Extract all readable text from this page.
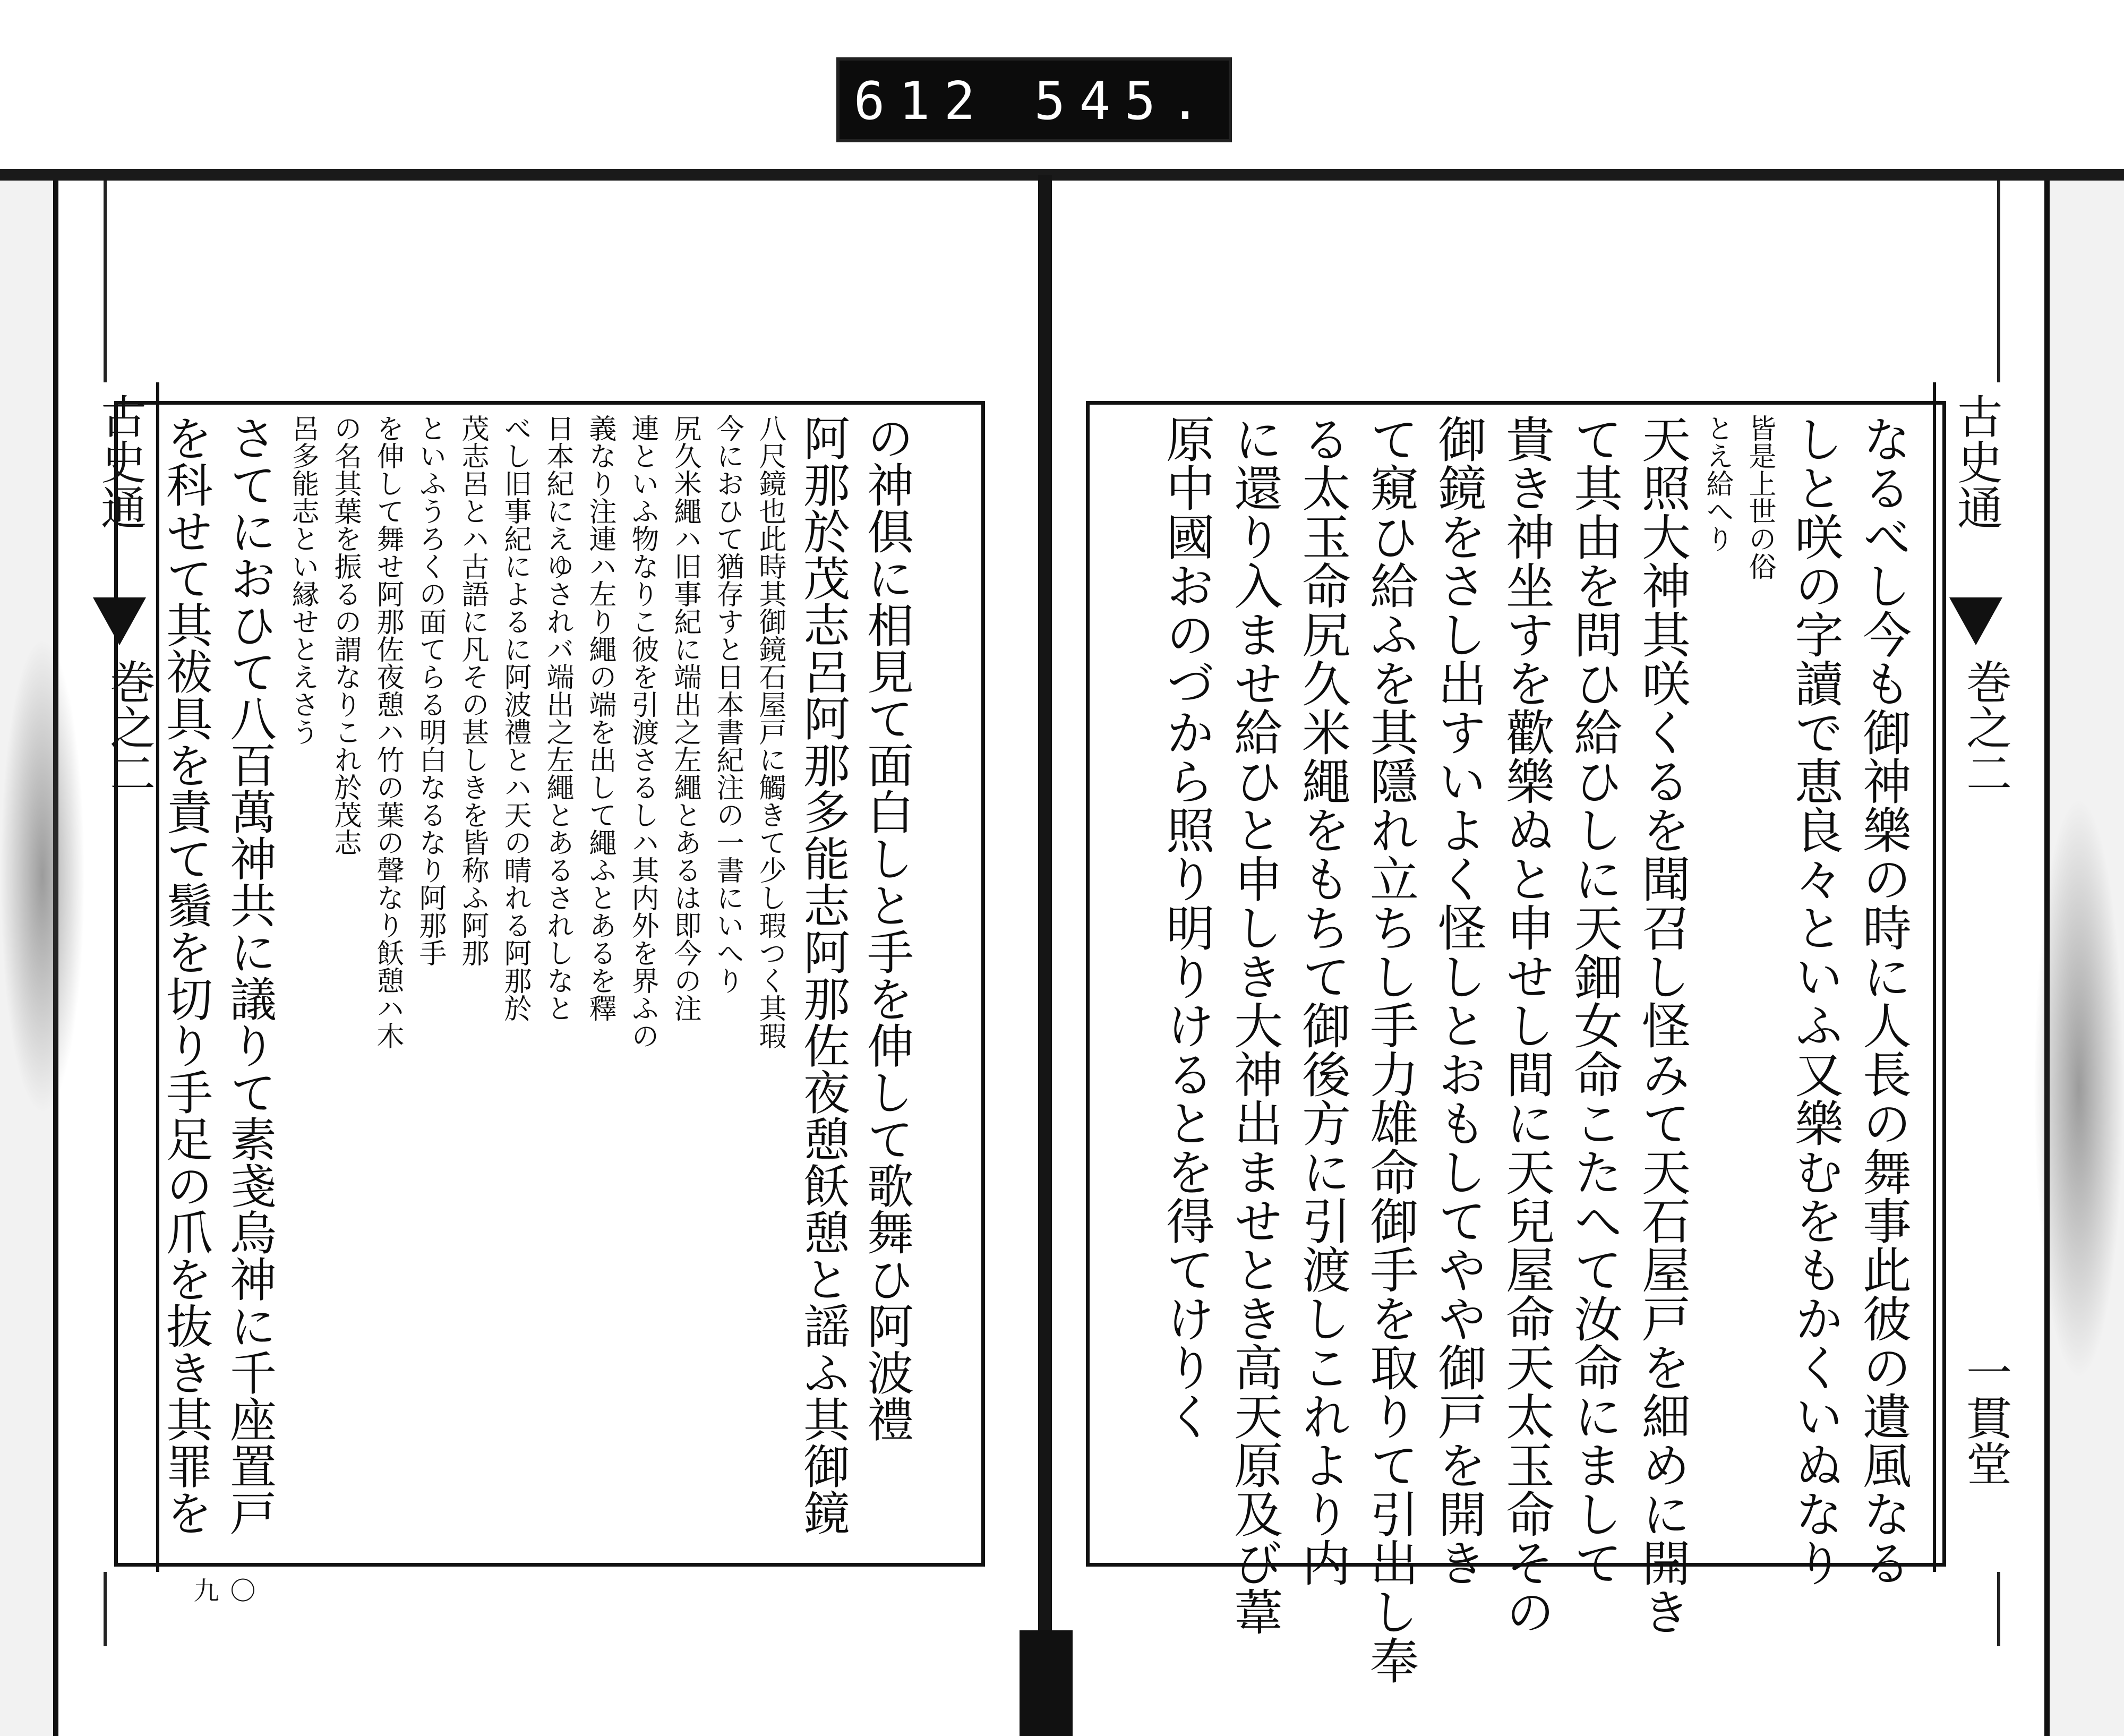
612 545.
古史通
巻之二
〇九
古史通
巻之二
一貫堂
なるべし今も御神樂の時に人長の舞事此彼の遺風なる
しと咲の字讀で恵良々といふ又樂むをもかくいぬなり
皆是上世の俗
とえ給へり
天照大神其咲くるを聞召し怪みて天石屋戸を細めに開き
て其由を問ひ給ひしに天鈿女命こたへて汝命にまして
貴き神坐すを歡樂ぬと申せし間に天兒屋命天太玉命その
御鏡をさし出すいよく怪しとおもしてやや御戸を開き
て窺ひ給ふを其隱れ立ちし手力雄命御手を取りて引出し奉
る太玉命尻久米繩をもちて御後方に引渡しこれより内
に還り入ませ給ひと申しき大神出ませとき高天原及び葦
原中國おのづから照り明りけるとを得てけりく
の神俱に相見て面白しと手を伸して歌舞ひ阿波禮
阿那於茂志呂阿那多能志阿那佐夜憩飫憩と謡ふ其御鏡
八尺鏡也此時其御鏡石屋戸に觸きて少し瑕つく其瑕
今におひて猶存すと日本書紀注の一書にいへり
尻久米繩ハ旧事紀に端出之左繩とあるは即今の注
連といふ物なりこ彼を引渡さるしハ其内外を界ふの
義なり注連ハ左り繩の端を出して繩ふとあるを釋
日本紀にえゆされバ端出之左繩とあるされしなと
べし旧事紀によるに阿波禮とハ天の晴れる阿那於
茂志呂とハ古語に凡その甚しきを皆称ふ阿那
といふうろくの面てらる明白なるなり阿那手
を伸して舞せ阿那佐夜憩ハ竹の葉の聲なり飫憩ハ木
の名其葉を振るの謂なりこれ於茂志
呂多能志とい縁せとえさう
さてにおひて八百萬神共に議りて素戔烏神に千座置戸
を科せて其祓具を責て鬚を切り手足の爪を抜き其罪を
